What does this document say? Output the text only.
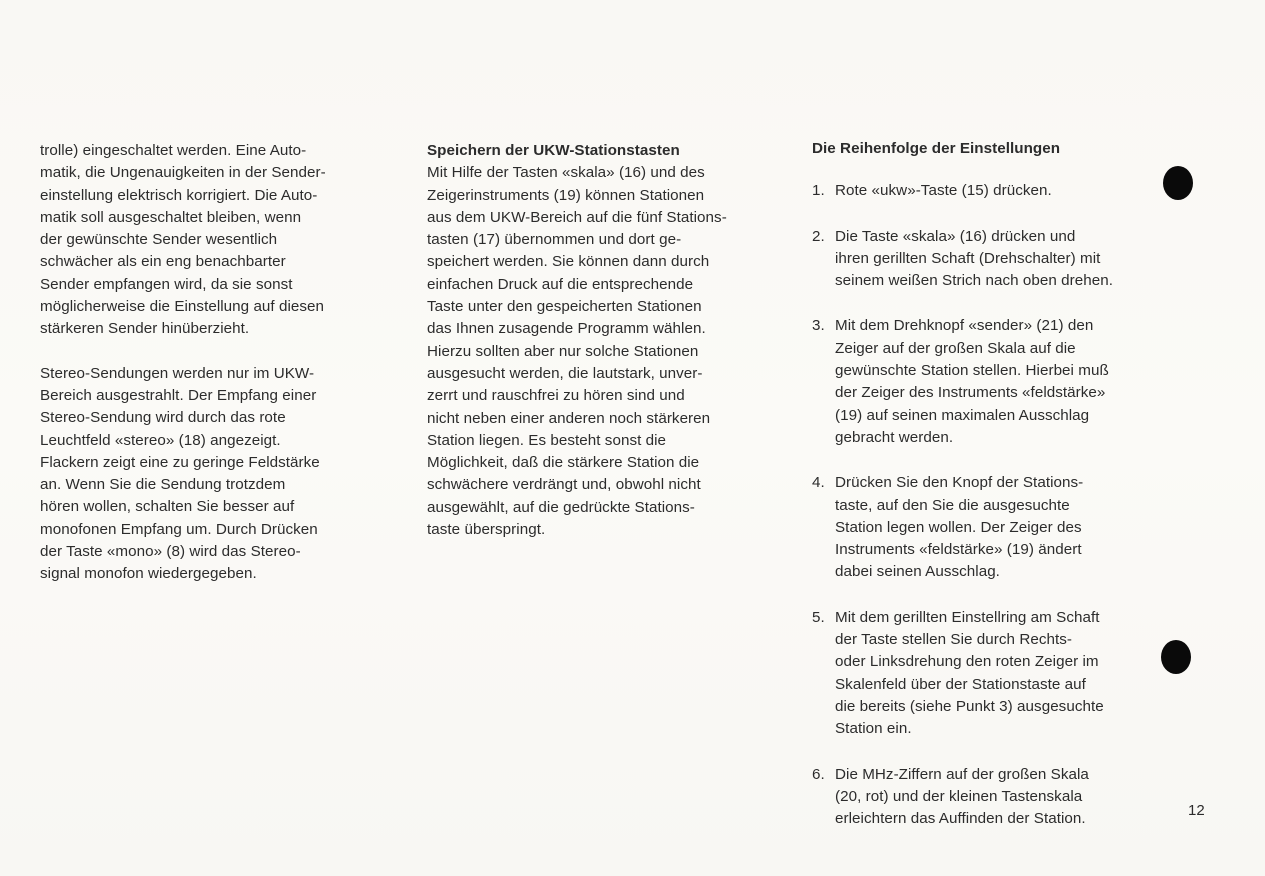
trolle) eingeschaltet werden. Eine Auto-
matik, die Ungenauigkeiten in der Sender-
einstellung elektrisch korrigiert. Die Auto-
matik soll ausgeschaltet bleiben, wenn
der gewünschte Sender wesentlich
schwächer als ein eng benachbarter
Sender empfangen wird, da sie sonst
möglicherweise die Einstellung auf diesen
stärkeren Sender hinüberzieht.
Stereo-Sendungen werden nur im UKW-
Bereich ausgestrahlt. Der Empfang einer
Stereo-Sendung wird durch das rote
Leuchtfeld «stereo» (18) angezeigt.
Flackern zeigt eine zu geringe Feldstärke
an. Wenn Sie die Sendung trotzdem
hören wollen, schalten Sie besser auf
monofonen Empfang um. Durch Drücken
der Taste «mono» (8) wird das Stereo-
signal monofon wiedergegeben.
Speichern der UKW-Stationstasten
Mit Hilfe der Tasten «skala» (16) und des
Zeigerinstruments (19) können Stationen
aus dem UKW-Bereich auf die fünf Stations-
tasten (17) übernommen und dort ge-
speichert werden. Sie können dann durch
einfachen Druck auf die entsprechende
Taste unter den gespeicherten Stationen
das Ihnen zusagende Programm wählen.
Hierzu sollten aber nur solche Stationen
ausgesucht werden, die lautstark, unver-
zerrt und rauschfrei zu hören sind und
nicht neben einer anderen noch stärkeren
Station liegen. Es besteht sonst die
Möglichkeit, daß die stärkere Station die
schwächere verdrängt und, obwohl nicht
ausgewählt, auf die gedrückte Stations-
taste überspringt.
Die Reihenfolge der Einstellungen
1. Rote «ukw»-Taste (15) drücken.
2. Die Taste «skala» (16) drücken und
ihren gerillten Schaft (Drehschalter) mit
seinem weißen Strich nach oben drehen.
3. Mit dem Drehknopf «sender» (21) den
Zeiger auf der großen Skala auf die
gewünschte Station stellen. Hierbei muß
der Zeiger des Instruments «feldstärke»
(19) auf seinen maximalen Ausschlag
gebracht werden.
4. Drücken Sie den Knopf der Stations-
taste, auf den Sie die ausgesuchte
Station legen wollen. Der Zeiger des
Instruments «feldstärke» (19) ändert
dabei seinen Ausschlag.
5. Mit dem gerillten Einstellring am Schaft
der Taste stellen Sie durch Rechts-
oder Linksdrehung den roten Zeiger im
Skalenfeld über der Stationstaste auf
die bereits (siehe Punkt 3) ausgesuchte
Station ein.
6. Die MHz-Ziffern auf der großen Skala
(20, rot) und der kleinen Tastenskala
erleichtern das Auffinden der Station.	12
